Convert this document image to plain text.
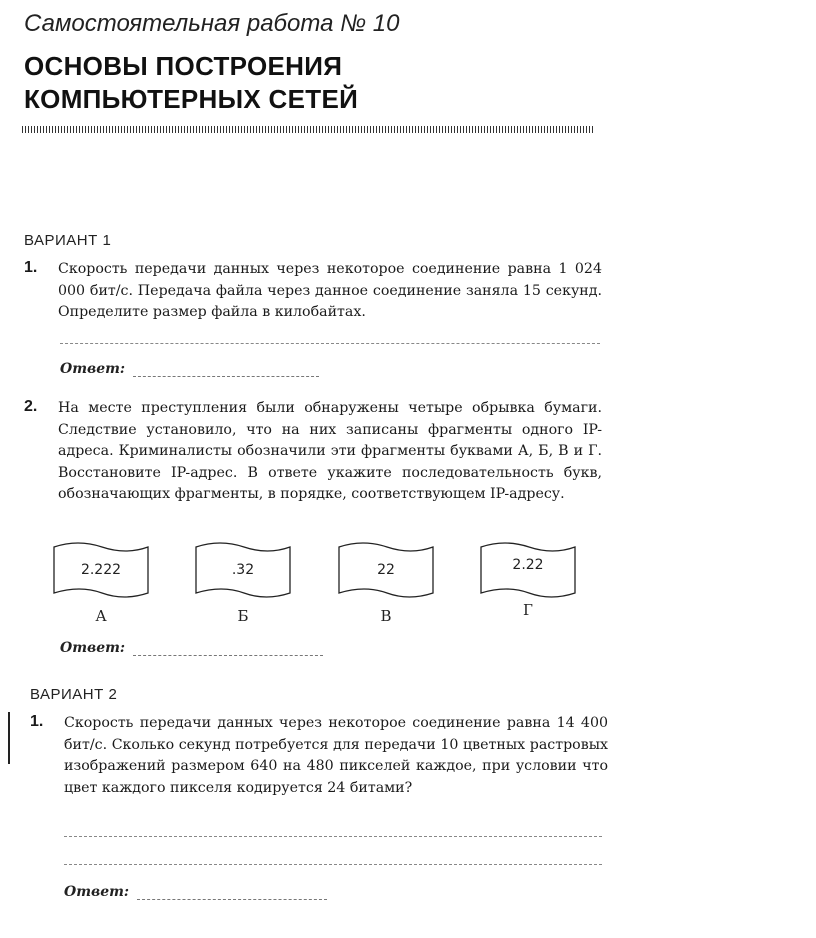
Самостоятельная работа № 10
ОСНОВЫ ПОСТРОЕНИЯ
КОМПЬЮТЕРНЫХ СЕТЕЙ
ВАРИАНТ 1
1. Скорость передачи данных через некоторое соединение равна 1 024 000 бит/с. Передача файла через данное соединение заняла 15 секунд. Определите размер файла в килобайтах.
Ответ:
2. На месте преступления были обнаружены четыре обрывка бумаги. Следствие установило, что на них записаны фрагменты одного IP-адреса. Криминалисты обозначили эти фрагменты буквами А, Б, В и Г. Восстановите IP-адрес. В ответе укажите последовательность букв, обозначающих фрагменты, в порядке, соответствующем IP-адресу.
2.222
А
.32
Б
22
В
2.22
Г
Ответ:
ВАРИАНТ 2
1. Скорость передачи данных через некоторое соединение равна 14 400 бит/с. Сколько секунд потребуется для передачи 10 цветных растровых изображений размером 640 на 480 пикселей каждое, при условии что цвет каждого пикселя кодируется 24 битами?
Ответ:
